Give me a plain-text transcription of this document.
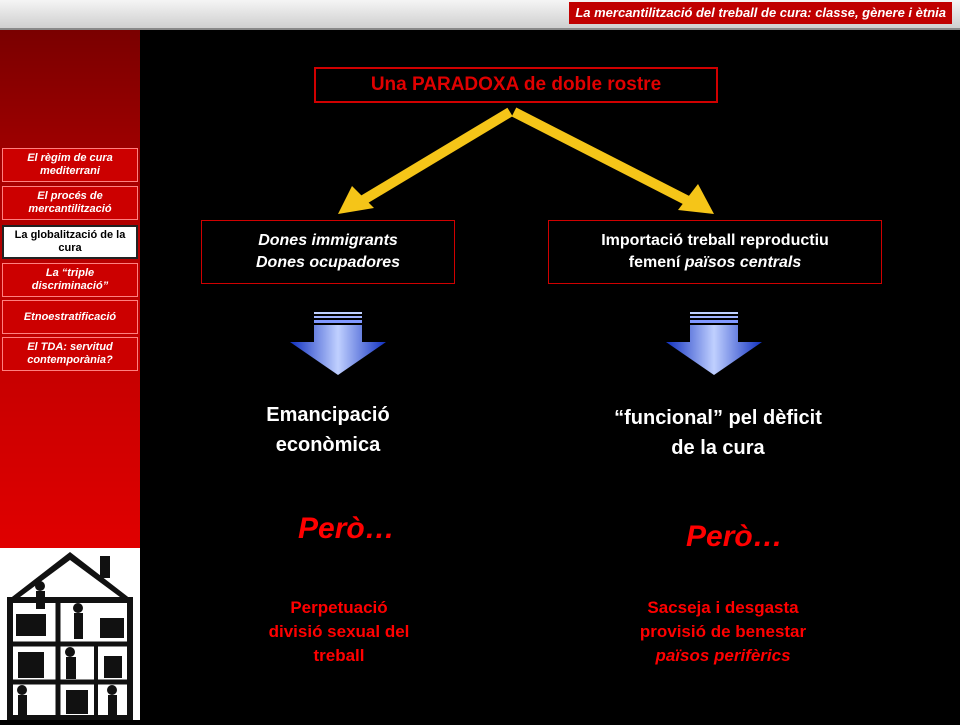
La mercantilització del treball de cura: classe, gènere i ètnia
El règim de cura mediterrani
El procés de mercantilització
La globalització de la cura
La “triple discriminació”
Etnoestratificació
El TDA: servitud contemporània?
Una PARADOXA de doble rostre
Dones immigrants
Dones ocupadores
Importació treball reproductiu
femení països centrals
Emancipació
econòmica
“funcional” pel dèficit
de la cura
Però…	Però…
Perpetuació
divisió sexual del
treball
Sacseja i desgasta
provisió de benestar
països perifèrics
